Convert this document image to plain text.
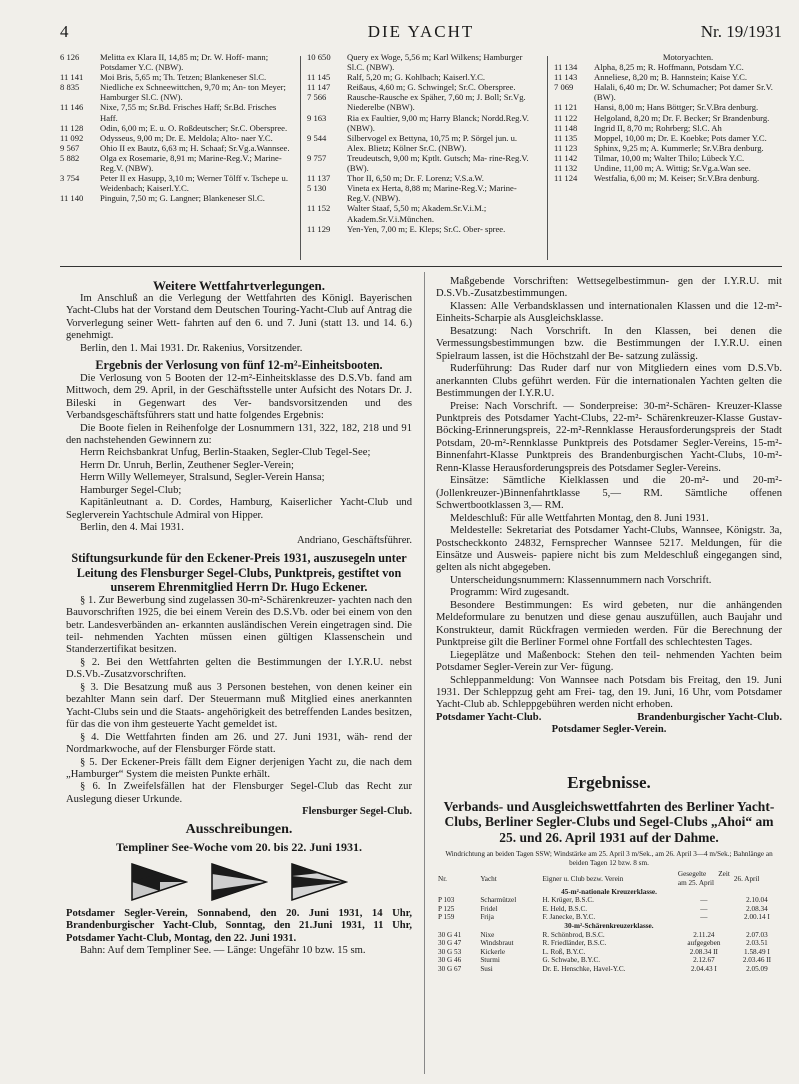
4	DIE YACHT	Nr. 19/1931
6 126	Melitta ex Klara II, 14,85 m; Dr. W. Hoff- mann; Potsdamer Y.C. (NBW).
11 141	Moi Bris, 5,65 m; Th. Tetzen; Blankeneser Sl.C.
8 835	Niedliche ex Schneewittchen, 9,70 m; An- ton Meyer; Hamburger Sl.C. (NW).
11 146	Nixe, 7,55 m; Sr.Bd. Frisches Haff; Sr.Bd. Frisches Haff.
11 128	Odin, 6,00 m; E. u. O. Roßdeutscher; Sr.C. Oberspree.
11 092	Odysseus, 9,00 m; Dr. E. Meldola; Alto- naer Y.C.
9 567	Ohio II ex Bautz, 6,63 m; H. Schaaf; Sr.Vg.a.Wannsee.
5 882	Olga ex Rosemarie, 8,91 m; Marine-Reg.V.; Marine-Reg.V. (NBW).
3 754	Peter II ex Hasupp, 3,10 m; Werner Tölff v. Tschepe u. Weidenbach; Kaiserl.Y.C.
11 140	Pinguin, 7,50 m; G. Langner; Blankeneser Sl.C.
10 650	Query ex Woge, 5,56 m; Karl Wilkens; Hamburger Sl.C. (NBW).
11 145	Ralf, 5,20 m; G. Kohlbach; Kaiserl.Y.C.
11 147	Reißaus, 4,60 m; G. Schwingel; Sr.C. Oberspree.
7 566	Rausche-Rausche ex Späher, 7,60 m; J. Boll; Sr.Vg. Niederelbe (NBW).
9 163	Ria ex Faultier, 9,00 m; Harry Blanck; Nordd.Reg.V. (NBW).
9 544	Silbervogel ex Bettyna, 10,75 m; P. Sörgel jun. u. Alex. Blietz; Kölner Sr.C. (NBW).
9 757	Treudeutsch, 9,00 m; Kptlt. Gutsch; Ma- rine-Reg.V. (BW).
11 137	Thor II, 6,50 m; Dr. F. Lorenz; V.S.a.W.
5 130	Vineta ex Herta, 8,88 m; Marine-Reg.V.; Marine-Reg.V. (NBW).
11 152	Walter Staaf, 5,50 m; Akadem.Sr.V.i.M.; Akadem.Sr.V.i.München.
11 129	Yen-Yen, 7,00 m; E. Kleps; Sr.C. Ober- spree.
Motoryachten.
11 134	Alpha, 8,25 m; R. Hoffmann, Potsdam Y.C.
11 143	Anneliese, 8,20 m; B. Hannstein; Kaise Y.C.
7 069	Halali, 6,40 m; Dr. W. Schumacher; Pot damer Sr.V. (BW).
11 121	Hansi, 8,00 m; Hans Böttger; Sr.V.Bra denburg.
11 122	Helgoland, 8,20 m; Dr. F. Becker; Sr Brandenburg.
11 148	Ingrid II, 8,70 m; Rohrberg; Sl.C. Ah
11 135	Moppel, 10,00 m; Dr. E. Koebke; Pots damer Y.C.
11 123	Sphinx, 9,25 m; A. Kummerle; Sr.V.Bra denburg.
11 142	Tilmar, 10,00 m; Walter Thilo; Lübeck Y.C.
11 132	Undine, 11,00 m; A. Wittig; Sr.Vg.a.Wan see.
11 124	Westfalia, 6,00 m; M. Keiser; Sr.V.Bra denburg.
Weitere Wettfahrtverlegungen.

Im Anschluß an die Verlegung der Wettfahrten des Königl. Bayerischen Yacht-Clubs hat der Vorstand dem Deutschen Touring-Yacht-Club auf Antrag die Vorverlegung seiner Wett- fahrten auf den 6. und 7. Juni (statt 13. und 14. 6.) genehmigt.

Berlin, den 1. Mai 1931. Dr. Rakenius, Vorsitzender.

Ergebnis der Verlosung von fünf 12-m²-Einheitsbooten.

Die Verlosung von 5 Booten der 12-m²-Einheitsklasse des D.S.Vb. fand am Mittwoch, dem 29. April, in der Geschäftsstelle unter Aufsicht des Notars Dr. J. Bileski in Gegenwart des Ver- bandsvorsitzenden und des Verbandsgeschäftsführers statt und hatte folgendes Ergebnis:

Die Boote fielen in Reihenfolge der Losnummern 131, 322, 182, 218 und 91 den nachstehenden Gewinnern zu:

Herrn Reichsbankrat Unfug, Berlin-Staaken, Segler-Club Tegel-See;

Herrn Dr. Unruh, Berlin, Zeuthener Segler-Verein;

Herrn Willy Wellemeyer, Stralsund, Segler-Verein Hansa;

Hamburger Segel-Club;

Kapitänleutnant a. D. Cordes, Hamburg, Kaiserlicher Yacht-Club und Seglerverein Yachtschule Admiral von Hipper.

Berlin, den 4. Mai 1931.

Andriano, Geschäftsführer.

Stiftungsurkunde für den Eckener-Preis 1931, auszusegeln unter Leitung des Flensburger Segel-Clubs, Punktpreis, gestiftet von unserem Ehrenmitglied Herrn Dr. Hugo Eckener.

§ 1. Zur Bewerbung sind zugelassen 30-m²-Schärenkreuzer- yachten nach den Bauvorschriften 1925, die bei einem Verein des D.S.Vb. oder bei einem von den betr. Landesverbänden an- erkannten ausländischen Verein eingetragen sind. Die teil- nehmenden Yachten müssen einen gültigen Klassenschein und Standerzertifikat besitzen.

§ 2. Bei den Wettfahrten gelten die Bestimmungen der I.Y.R.U. nebst D.S.Vb.-Zusatzvorschriften.

§ 3. Die Besatzung muß aus 3 Personen bestehen, von denen keiner ein bezahlter Mann sein darf. Der Steuermann muß Mitglied eines anerkannten Yacht-Clubs sein und die Staats- angehörigkeit des betreffenden Landes besitzen, für das die von ihm gesteuerte Yacht gemeldet ist.

§ 4. Die Wettfahrten finden am 26. und 27. Juni 1931, wäh- rend der Nordmarkwoche, auf der Flensburger Förde statt.

§ 5. Der Eckener-Preis fällt dem Eigner derjenigen Yacht zu, die nach dem „Hamburger“ System die meisten Punkte erhält.

§ 6. In Zweifelsfällen hat der Flensburger Segel-Club das Recht zur Auslegung dieser Urkunde.

Flensburger Segel-Club.

Ausschreibungen.
Templiner See-Woche vom 20. bis 22. Juni 1931.

Potsdamer Segler-Verein, Sonnabend, den 20. Juni 1931, 14 Uhr, Brandenburgischer Yacht-Club, Sonntag, den 21.Juni 1931, 11 Uhr, Potsdamer Yacht-Club, Montag, den 22. Juni 1931.

Bahn: Auf dem Templiner See. — Länge: Ungefähr 10 bzw. 15 sm.

Maßgebende Vorschriften: Wettsegelbestimmun- gen der I.Y.R.U. mit D.S.Vb.-Zusatzbestimmungen.

Klassen: Alle Verbandsklassen und internationalen Klassen und die 12-m²-Einheits-Scharpie als Ausgleichsklasse.

Besatzung: Nach Vorschrift. In den Klassen, bei denen die Vermessungsbestimmungen bzw. die Bestimmungen der I.Y.R.U. einen Spielraum lassen, ist die Höchstzahl der Be- satzung zulässig.

Ruderführung: Das Ruder darf nur von Mitgliedern eines vom D.S.Vb. anerkannten Clubs geführt werden. Für die internationalen Yachten gelten die Bestimmungen der I.Y.R.U.

Preise: Nach Vorschrift. — Sonderpreise: 30-m²-Schären- Kreuzer-Klasse Punktpreis des Potsdamer Yacht-Clubs, 22-m²- Schärenkreuzer-Klasse Gustav-Böcking-Erinnerungspreis, 22-m²-Rennklasse Herausforderungspreis der Stadt Potsdam, 20-m²-Rennklasse Punktpreis des Potsdamer Segler-Vereins, 15-m²-Binnenfahrt-Klasse Punktpreis des Brandenburgischen Yacht-Clubs, 10-m²-Renn-Klasse Herausforderungspreis des Potsdamer Segler-Vereins.

Einsätze: Sämtliche Kielklassen und die 20-m²- und 20-m²-(Jollenkreuzer-)Binnenfahrtklasse 5,— RM. Sämtliche offenen Schwertbootklassen 3,— RM.

Meldeschluß: Für alle Wettfahrten Montag, den 8. Juni 1931.

Meldestelle: Sekretariat des Potsdamer Yacht-Clubs, Wannsee, Königstr. 3a, Postscheckkonto 24832, Fernsprecher Wannsee 5217. Meldungen, für die Einsätze und Ausweis- papiere nicht bis zum Meldeschluß eingegangen sind, gelten als nicht abgegeben.

Unterscheidungsnummern: Klassennummern nach Vorschrift.

Programm: Wird zugesandt.

Besondere Bestimmungen: Es wird gebeten, nur die anhängenden Meldeformulare zu benutzen und diese genau auszufüllen, auch Baujahr und Konstrukteur, damit Rückfragen vermieden werden. Für die Berechnung der Punktpreise gilt die Berliner Formel ohne Fortfall des schlechtesten Tages.

Liegeplätze und Maßenbock: Stehen den teil- nehmenden Yachten beim Potsdamer Segler-Verein zur Ver- fügung.

Schleppanmeldung: Von Wannsee nach Potsdam bis Freitag, den 19. Juni 1931. Der Schleppzug geht am Frei- tag, den 19. Juni, 16 Uhr, vom Potsdamer Yacht-Club ab. Schleppgebühren werden nicht erhoben.

Potsdamer Yacht-Club.	Brandenburgischer Yacht-Club.

Potsdamer Segler-Verein.

Ergebnisse.
Verbands- und Ausgleichswettfahrten des Berliner Yacht-Clubs, Berliner Segler-Clubs und Segel-Clubs „Ahoi“ am 25. und 26. April 1931 auf der Dahme.

Windrichtung an beiden Tagen SSW; Windstärke am 25. April 3 m/Sek., am 26. April 3—4 m/Sek.; Bahnlänge an beiden Tagen 12 bzw. 8 sm.

Nr.	Yacht	Eigner u. Club bezw. Verein	Gesegelte Zeit am 25. April	26. April
45-m²-nationale Kreuzerklasse.				
P 103	Scharmützel	H. Krüger, B.S.C.	—	2.10.04
P 125	Fridel	E. Held, B.S.C.	—	2.08.34
P 159	Frija	F. Janecke, B.Y.C.	—	2.00.14 I
30-m²-Schärenkreuzerklasse.				
30 G 41	Nixe	R. Schönbrod, B.S.C.	2.11.24	2.07.03
30 G 47	Windsbraut	R. Friedländer, B.S.C.	aufgegeben	2.03.51
30 G 53	Kickerle	L. Roß, B.Y.C.	2.08.34 II	1.58.49 I
30 G 46	Sturmi	G. Schwabe, B.Y.C.	2.12.67	2.03.46 II
30 G 67	Susi	Dr. E. Henschke, Havel-Y.C.	2.04.43 I	2.05.09
